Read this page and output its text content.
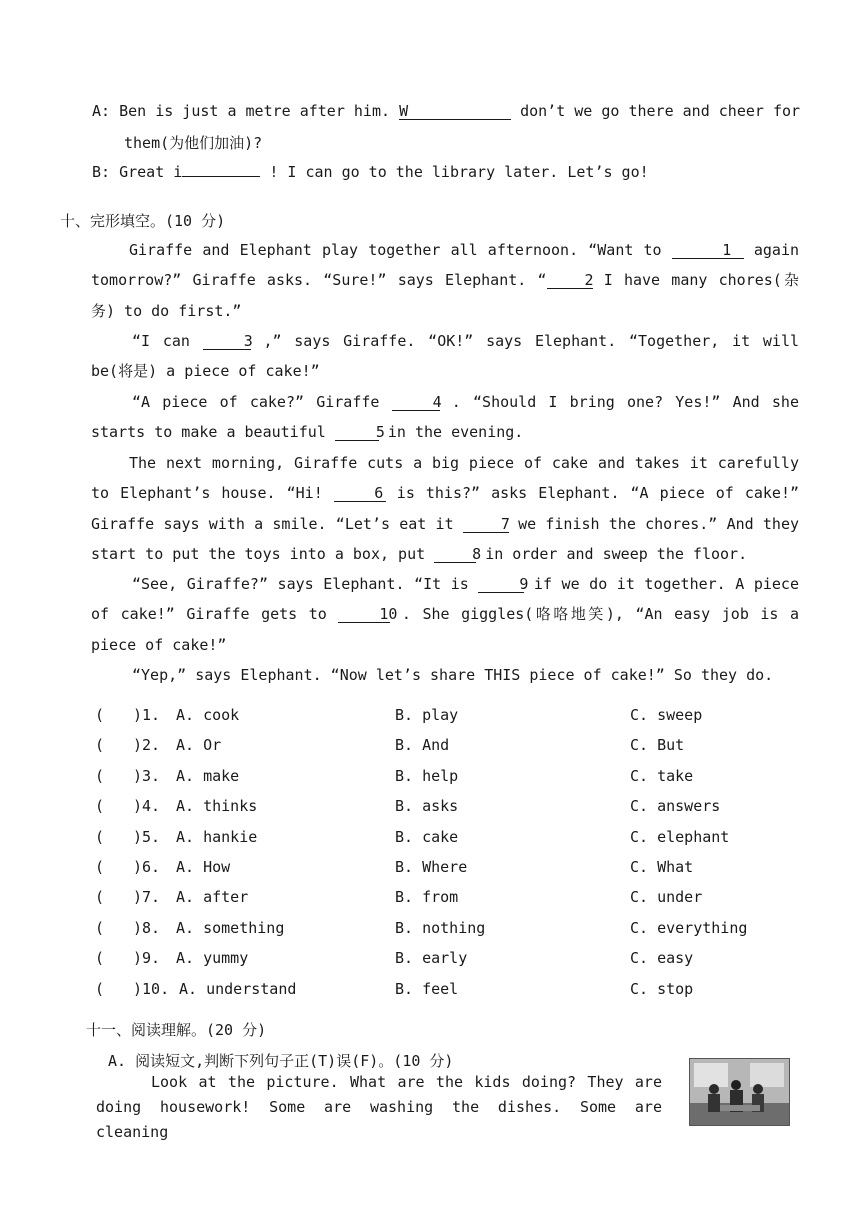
A: Ben is just a metre after him. W	don’t we go there and cheer for
them(为他们加油)?
B: Great i	! I can go to the library later. Let’s go!
十、完形填空。(10 分)
Giraffe and Elephant play together all afternoon. “Want to	1 again tomorrow?” Giraffe asks. “Sure!” says Elephant. “	2 I have many chores(杂务) to do first.”
“I can	3 ,” says Giraffe. “OK!” says Elephant. “Together, it will be(将是) a piece of cake!”
“A piece of cake?” Giraffe	4 . “Should I bring one? Yes!” And she starts to make a beautiful	5 in the evening.
The next morning, Giraffe cuts a big piece of cake and takes it carefully to Elephant’s house. “Hi!	6 is this?” asks Elephant. “A piece of cake!” Giraffe says with a smile. “Let’s eat it	7 we finish the chores.” And they start to put the toys into a box, put	8 in order and sweep the floor.
“See, Giraffe?” says Elephant. “It is	9 if we do it together. A piece of cake!” Giraffe gets to	10 . She giggles(咯咯地笑), “An easy job is a piece of cake!”
“Yep,” says Elephant. “Now let’s share THIS piece of cake!” So they do.
( )1. A. cook	B. play	C. sweep
( )2. A. Or	B. And	C. But
( )3. A. make	B. help	C. take
( )4. A. thinks	B. asks	C. answers
( )5. A. hankie	B. cake	C. elephant
( )6. A. How	B. Where	C. What
( )7. A. after	B. from	C. under
( )8. A. something	B. nothing	C. everything
( )9. A. yummy	B. early	C. easy
( )10. A. understand	B. feel	C. stop
十一、阅读理解。(20 分)
A. 阅读短文,判断下列句子正(T)误(F)。(10 分)
Look at the picture. What are the kids doing? They are doing housework! Some are washing the dishes. Some are cleaning
